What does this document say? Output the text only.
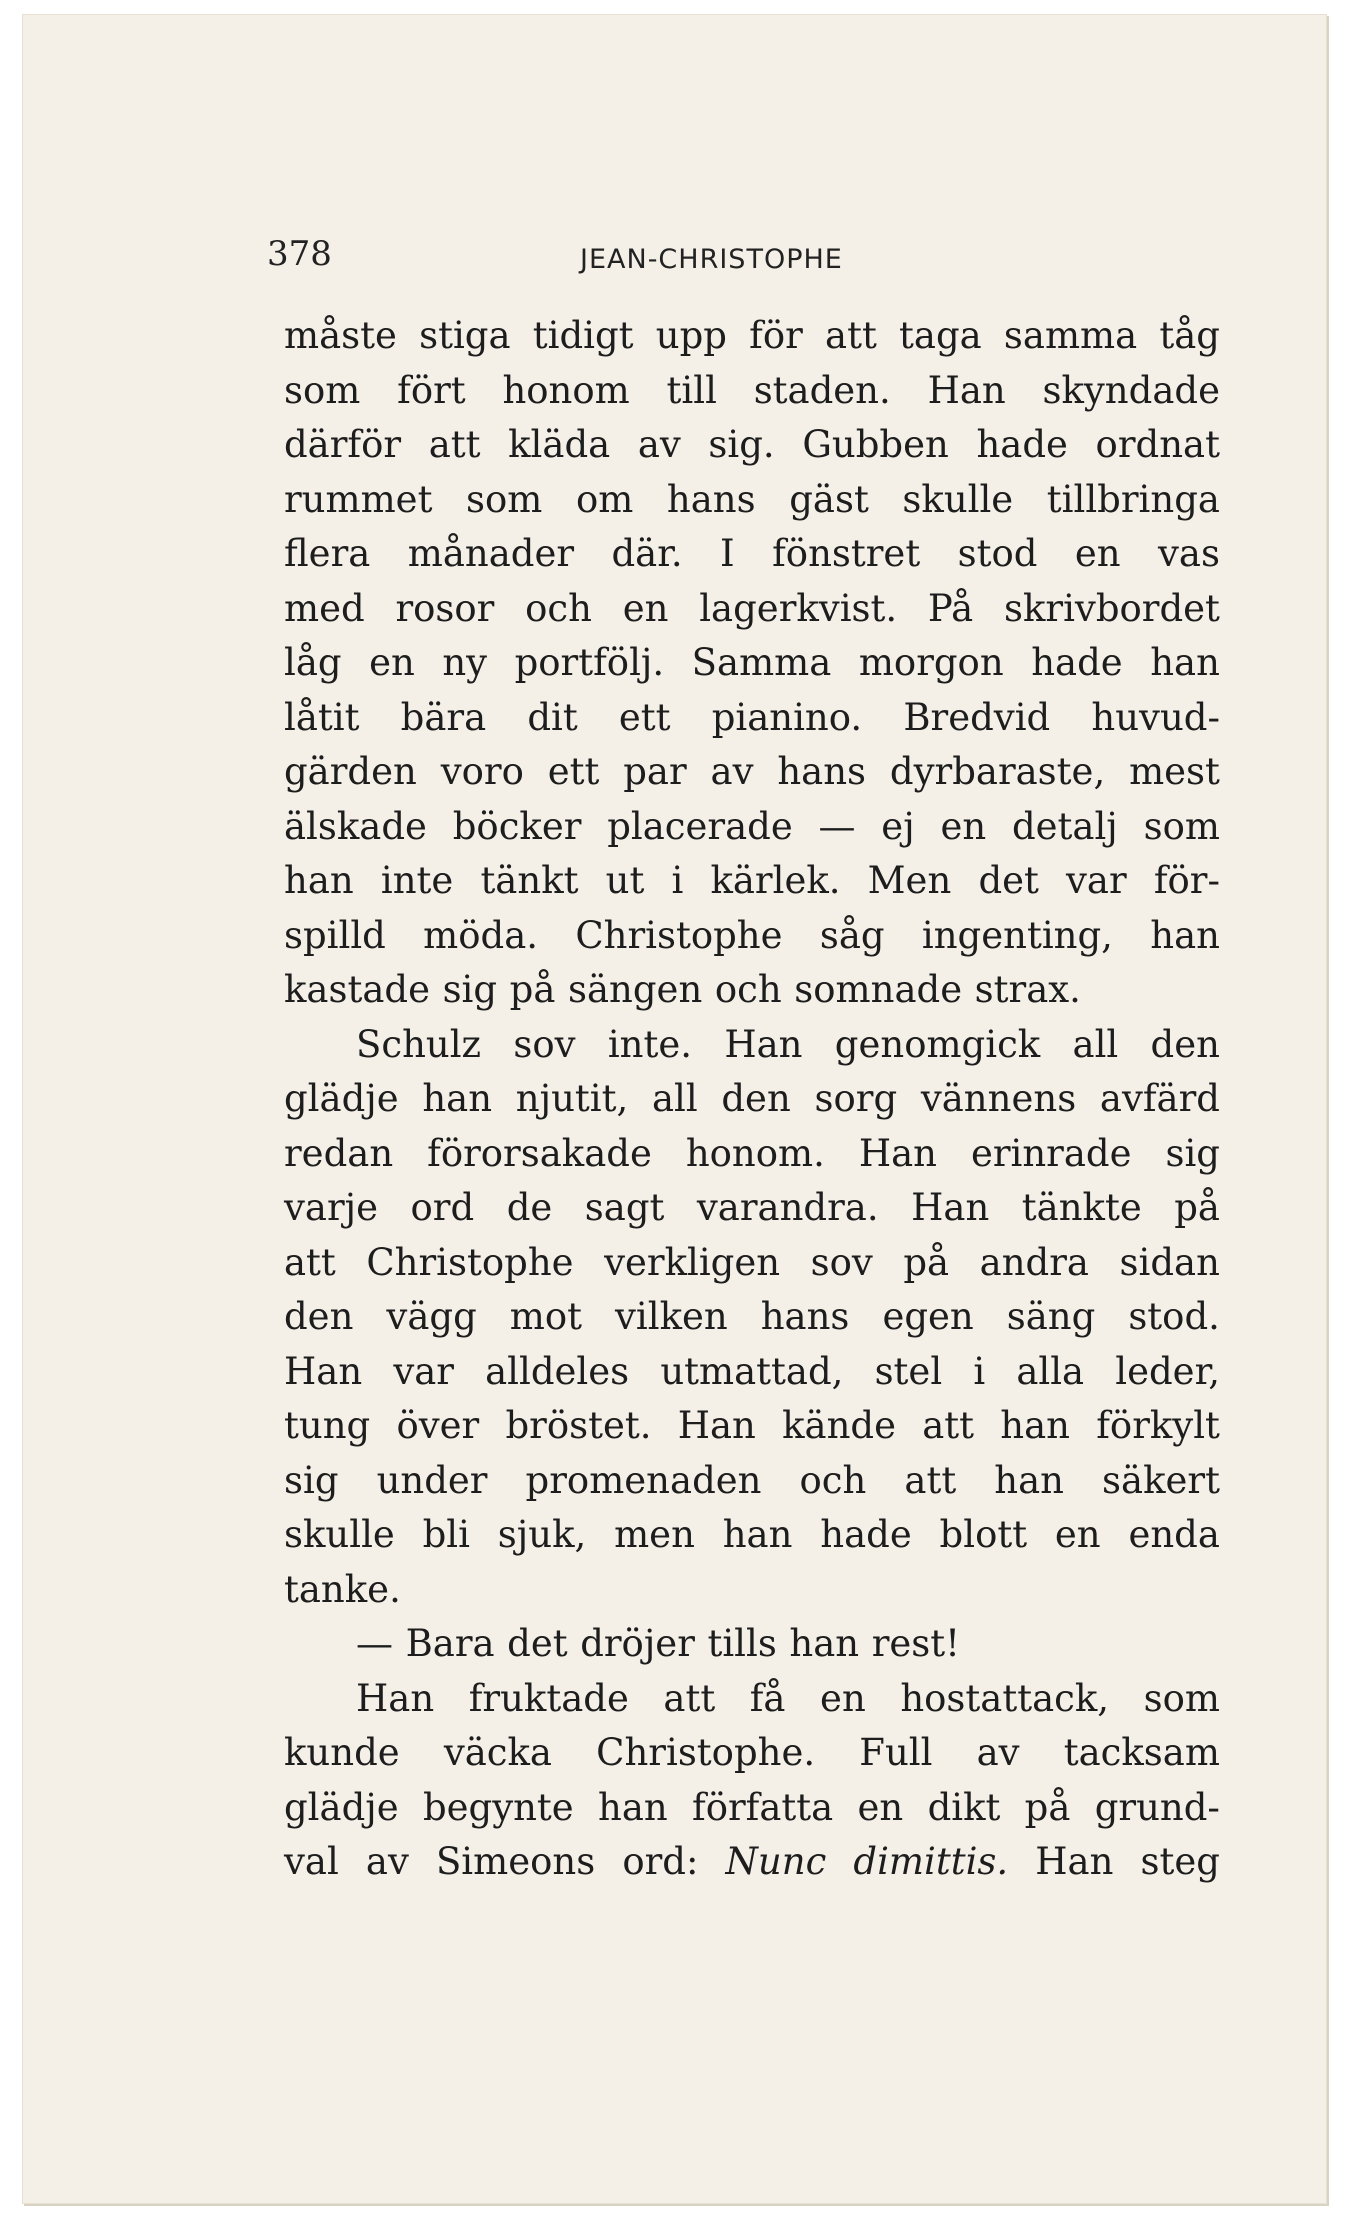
378	JEAN-CHRISTOPHE
måste stiga tidigt upp för att taga samma tåg
som fört honom till staden. Han skyndade
därför att kläda av sig. Gubben hade ordnat
rummet som om hans gäst skulle tillbringa
flera månader där. I fönstret stod en vas
med rosor och en lagerkvist. På skrivbordet
låg en ny portfölj. Samma morgon hade han
låtit bära dit ett pianino. Bredvid huvud-
gärden voro ett par av hans dyrbaraste, mest
älskade böcker placerade — ej en detalj som
han inte tänkt ut i kärlek. Men det var för-
spilld möda. Christophe såg ingenting, han
kastade sig på sängen och somnade strax.
Schulz sov inte. Han genomgick all den
glädje han njutit, all den sorg vännens avfärd
redan förorsakade honom. Han erinrade sig
varje ord de sagt varandra. Han tänkte på
att Christophe verkligen sov på andra sidan
den vägg mot vilken hans egen säng stod.
Han var alldeles utmattad, stel i alla leder,
tung över bröstet. Han kände att han förkylt
sig under promenaden och att han säkert
skulle bli sjuk, men han hade blott en enda
tanke.
— Bara det dröjer tills han rest!
Han fruktade att få en hostattack, som
kunde väcka Christophe. Full av tacksam
glädje begynte han författa en dikt på grund-
val av Simeons ord: Nunc dimittis. Han steg
